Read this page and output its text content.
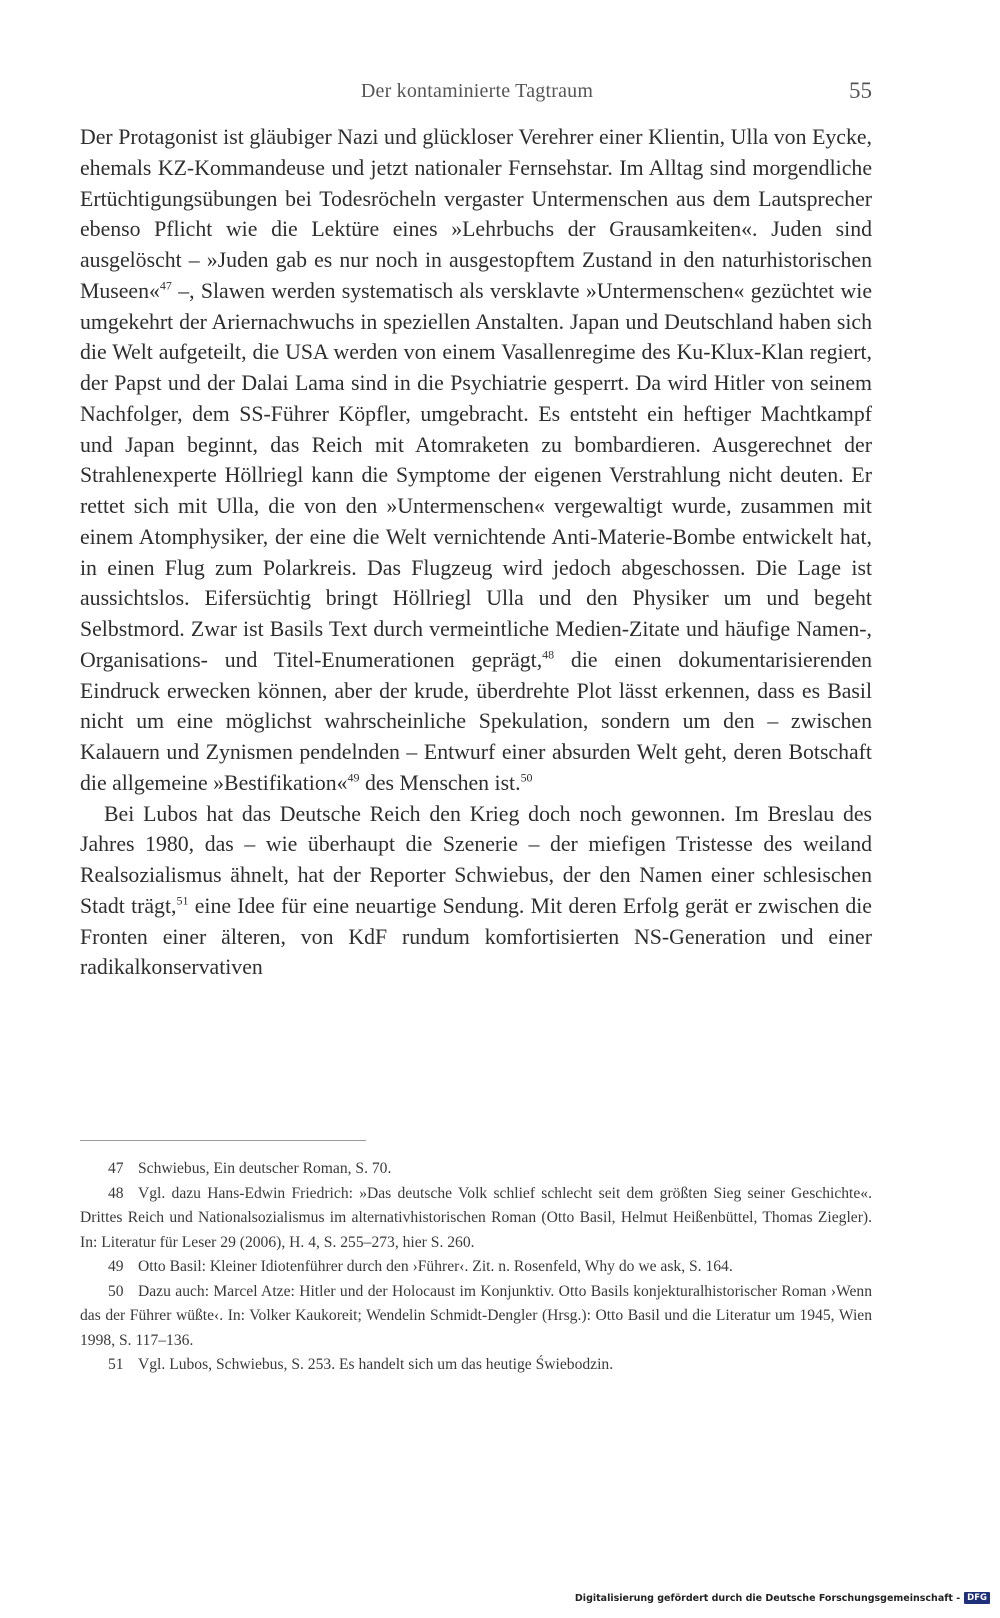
Der kontaminierte Tagtraum	55

Der Protagonist ist gläubiger Nazi und glückloser Verehrer einer Klientin, Ulla von Eycke, ehemals KZ-Kommandeuse und jetzt nationaler Fernsehstar. Im Alltag sind morgendliche Ertüchtigungsübungen bei Todesröcheln vergaster Untermenschen aus dem Lautsprecher ebenso Pflicht wie die Lektüre eines »Lehrbuchs der Grausamkeiten«. Juden sind ausgelöscht – »Juden gab es nur noch in ausgestopftem Zustand in den naturhistorischen Museen«$^{47}$ –, Slawen werden systematisch als versklavte »Untermenschen« gezüchtet wie umgekehrt der Ariernachwuchs in speziellen Anstalten. Japan und Deutschland haben sich die Welt aufgeteilt, die USA werden von einem Vasallenregime des Ku-Klux-Klan regiert, der Papst und der Dalai Lama sind in die Psychiatrie gesperrt. Da wird Hitler von seinem Nachfolger, dem SS-Führer Köpfler, umgebracht. Es entsteht ein heftiger Machtkampf und Japan beginnt, das Reich mit Atomraketen zu bombardieren. Ausgerechnet der Strahlenexperte Höllriegl kann die Symptome der eigenen Verstrahlung nicht deuten. Er rettet sich mit Ulla, die von den »Untermenschen« vergewaltigt wurde, zusammen mit einem Atomphysiker, der eine die Welt vernichtende Anti-Materie-Bombe entwickelt hat, in einen Flug zum Polarkreis. Das Flugzeug wird jedoch abgeschossen. Die Lage ist aussichtslos. Eifersüchtig bringt Höllriegl Ulla und den Physiker um und begeht Selbstmord. Zwar ist Basils Text durch vermeintliche Medien-Zitate und häufige Namen-, Organisations- und Titel-Enumerationen geprägt,$^{48}$ die einen dokumentarisierenden Eindruck erwecken können, aber der krude, überdrehte Plot lässt erkennen, dass es Basil nicht um eine möglichst wahrscheinliche Spekulation, sondern um den – zwischen Kalauern und Zynismen pendelnden – Entwurf einer absurden Welt geht, deren Botschaft die allgemeine »Bestifikation«$^{49}$ des Menschen ist.$^{50}$

Bei Lubos hat das Deutsche Reich den Krieg doch noch gewonnen. Im Breslau des Jahres 1980, das – wie überhaupt die Szenerie – der miefigen Tristesse des weiland Realsozialismus ähnelt, hat der Reporter Schwiebus, der den Namen einer schlesischen Stadt trägt,$^{51}$ eine Idee für eine neuartige Sendung. Mit deren Erfolg gerät er zwischen die Fronten einer älteren, von KdF rundum komfortisierten NS-Generation und einer radikalkonservativen

47 Schwiebus, Ein deutscher Roman, S. 70.

48 Vgl. dazu Hans-Edwin Friedrich: »Das deutsche Volk schlief schlecht seit dem größten Sieg seiner Geschichte«. Drittes Reich und Nationalsozialismus im alternativhistorischen Roman (Otto Basil, Helmut Heißenbüttel, Thomas Ziegler). In: Literatur für Leser 29 (2006), H. 4, S. 255–273, hier S. 260.

49 Otto Basil: Kleiner Idiotenführer durch den ›Führer‹. Zit. n. Rosenfeld, Why do we ask, S. 164.

50 Dazu auch: Marcel Atze: Hitler und der Holocaust im Konjunktiv. Otto Basils konjekturalhistorischer Roman ›Wenn das der Führer wüßte‹. In: Volker Kaukoreit; Wendelin Schmidt-Dengler (Hrsg.): Otto Basil und die Literatur um 1945, Wien 1998, S. 117–136.

51 Vgl. Lubos, Schwiebus, S. 253. Es handelt sich um das heutige Świebodzin.

Digitalisierung gefördert durch die Deutsche Forschungsgemeinschaft - DFG
